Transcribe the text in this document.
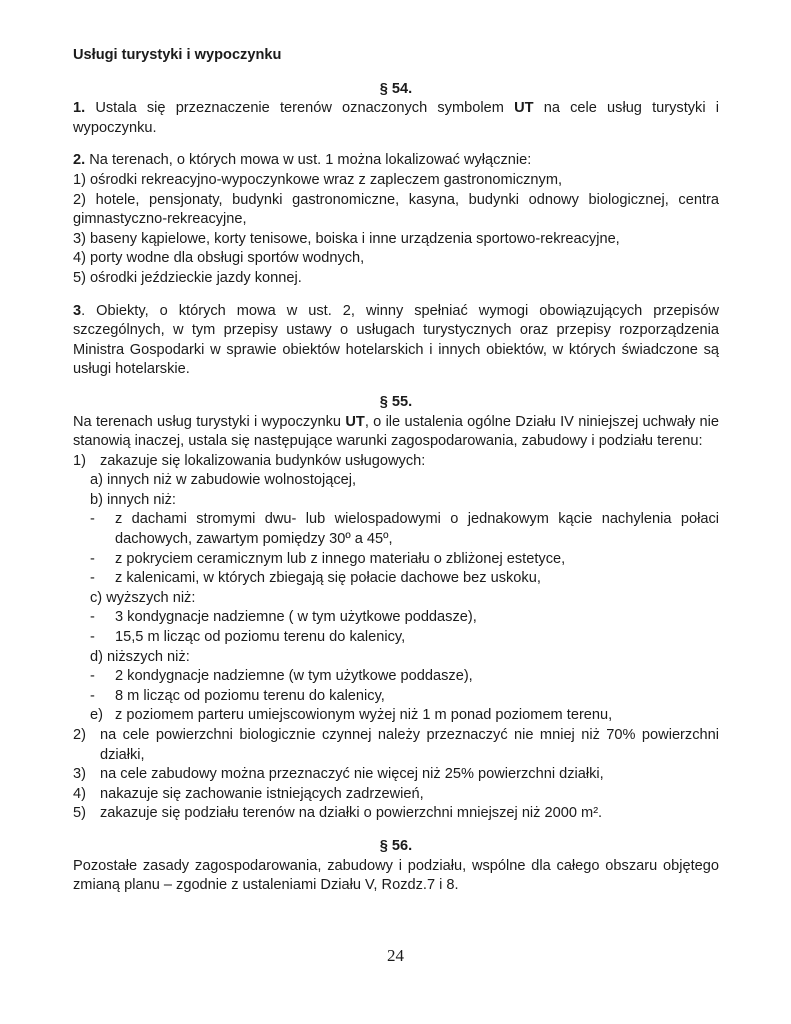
Usługi turystyki i wypoczynku
§ 54.

1. Ustala się przeznaczenie terenów oznaczonych symbolem UT na cele usług turystyki i wypoczynku.

2. Na terenach, o których mowa w ust. 1 można lokalizować wyłącznie:

1) ośrodki rekreacyjno-wypoczynkowe wraz z zapleczem gastronomicznym,
2) hotele, pensjonaty, budynki gastronomiczne, kasyna, budynki odnowy biologicznej, centra gimnastyczno-rekreacyjne,
3) baseny kąpielowe, korty tenisowe, boiska i inne urządzenia sportowo-rekreacyjne,
4) porty wodne dla obsługi sportów wodnych,
5) ośrodki jeździeckie jazdy konnej.

3. Obiekty, o których mowa w ust. 2, winny spełniać wymogi obowiązujących przepisów szczególnych, w tym przepisy ustawy o usługach turystycznych oraz przepisy rozporządzenia Ministra Gospodarki w sprawie obiektów hotelarskich i innych obiektów, w których świadczone są usługi hotelarskie.

§ 55.

Na terenach usług turystyki i wypoczynku UT, o ile ustalenia ogólne Działu IV niniejszej uchwały nie stanowią inaczej, ustala się następujące warunki zagospodarowania, zabudowy i podziału terenu:

1) zakazuje się lokalizowania budynków usługowych:
a) innych niż w zabudowie wolnostojącej,
b) innych niż:
- z dachami stromymi dwu- lub wielospadowymi o jednakowym kącie nachylenia połaci dachowych, zawartym pomiędzy 30º a 45º,
- z pokryciem ceramicznym lub z innego materiału o zbliżonej estetyce,
- z kalenicami, w których zbiegają się połacie dachowe bez uskoku,
c) wyższych niż:
- 3 kondygnacje nadziemne ( w tym użytkowe poddasze),
- 15,5 m licząc od poziomu terenu do kalenicy,
d) niższych niż:
- 2 kondygnacje nadziemne (w tym użytkowe poddasze),
- 8 m licząc od poziomu terenu do kalenicy,
e) z poziomem parteru umiejscowionym wyżej niż 1 m ponad poziomem terenu,
2) na cele powierzchni biologicznie czynnej należy przeznaczyć nie mniej niż 70% powierzchni działki,
3) na cele zabudowy można przeznaczyć nie więcej niż 25% powierzchni działki,
4) nakazuje się zachowanie istniejących zadrzewień,
5) zakazuje się podziału terenów na działki o powierzchni mniejszej niż 2000 m².
§ 56.

Pozostałe zasady zagospodarowania, zabudowy i podziału, wspólne dla całego obszaru objętego zmianą planu – zgodnie z ustaleniami Działu V, Rozdz.7 i 8.

24
